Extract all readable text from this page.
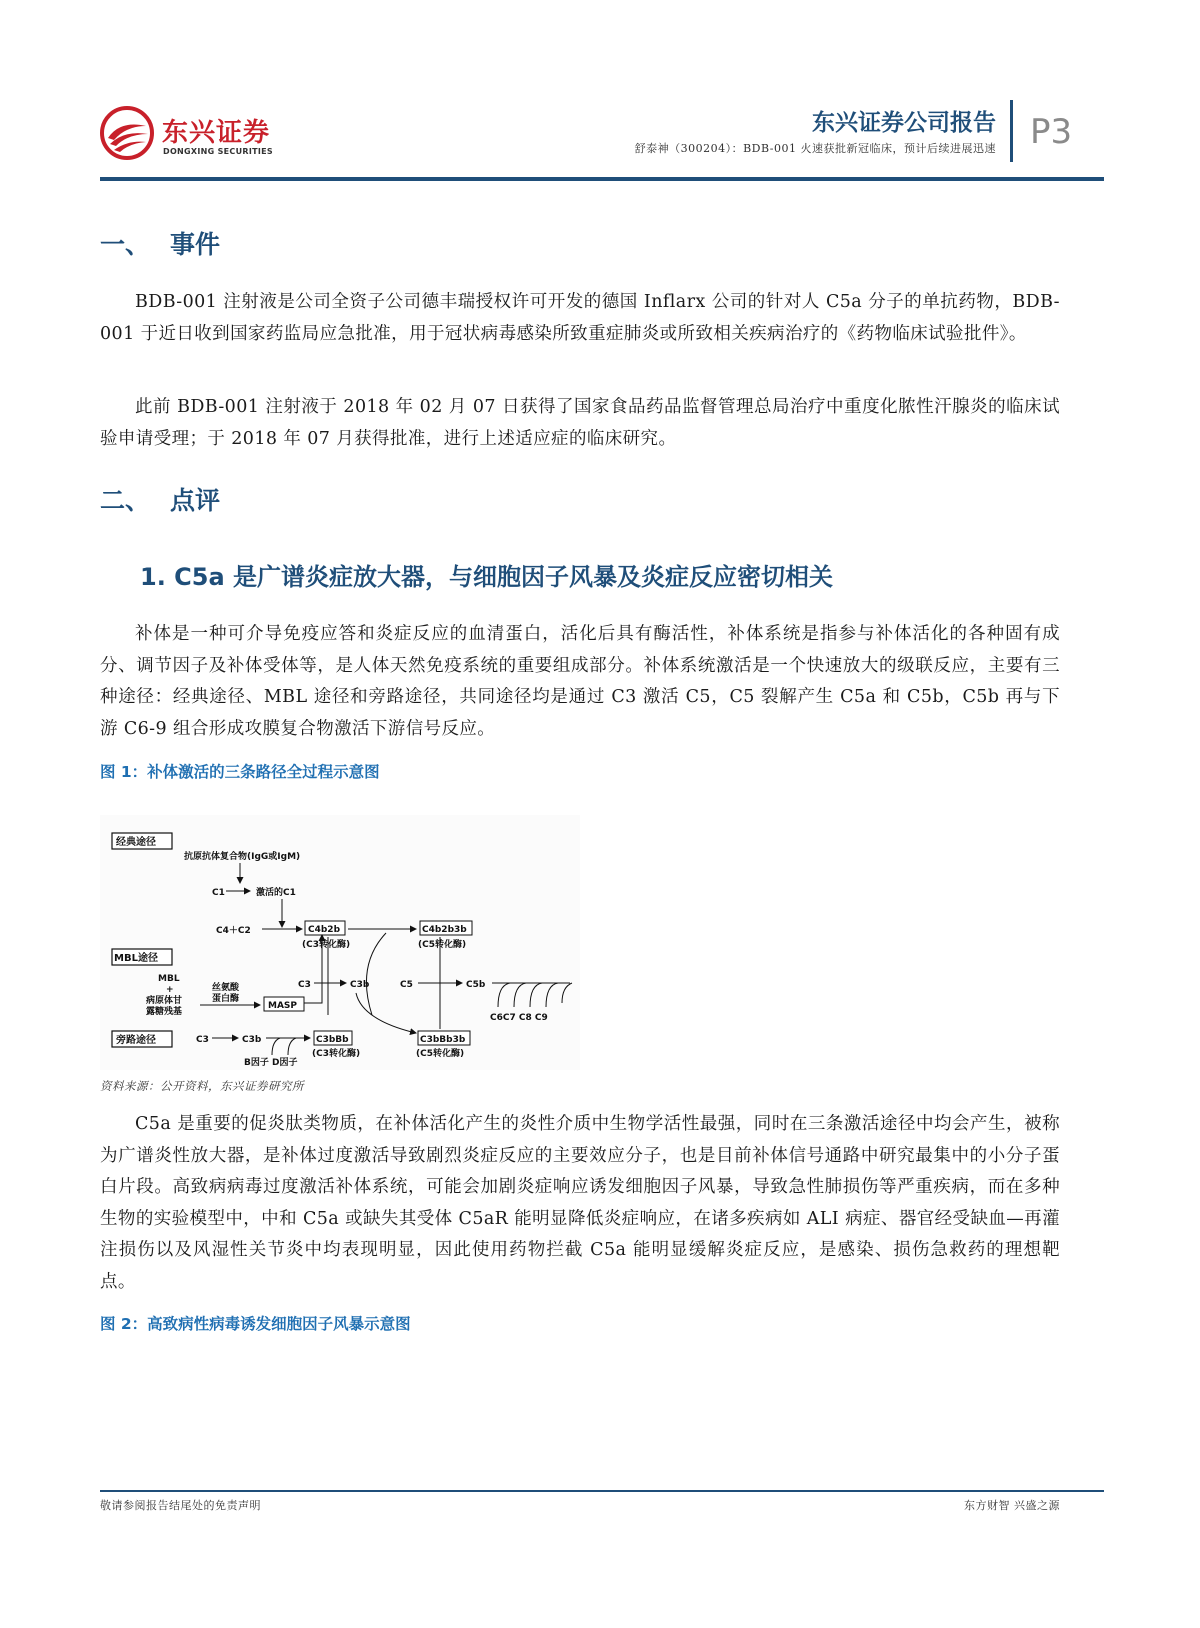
东兴证券
DONGXING SECURITIES
东兴证券公司报告
舒泰神（300204）：BDB-001 火速获批新冠临床，预计后续进展迅速 P3
一、 事件
BDB-001 注射液是公司全资子公司德丰瑞授权许可开发的德国 Inflarx 公司的针对人 C5a 分子的单抗药物，BDB-001 于近日收到国家药监局应急批准，用于冠状病毒感染所致重症肺炎或所致相关疾病治疗的《药物临床试验批件》。
此前 BDB-001 注射液于 2018 年 02 月 07 日获得了国家食品药品监督管理总局治疗中重度化脓性汗腺炎的临床试验申请受理；于 2018 年 07 月获得批准，进行上述适应症的临床研究。
二、 点评
1. C5a 是广谱炎症放大器，与细胞因子风暴及炎症反应密切相关
补体是一种可介导免疫应答和炎症反应的血清蛋白，活化后具有酶活性，补体系统是指参与补体活化的各种固有成分、调节因子及补体受体等，是人体天然免疫系统的重要组成部分。补体系统激活是一个快速放大的级联反应，主要有三种途径：经典途径、MBL 途径和旁路途径，共同途径均是通过 C3 激活 C5，C5 裂解产生 C5a 和 C5b，C5b 再与下游 C6-9 组合形成攻膜复合物激活下游信号反应。
图 1：补体激活的三条路径全过程示意图
经典途径
MBL途径
旁路途径
抗原抗体复合物(IgG或IgM)
C1	激活的C1
C4＋C2	C4b2b
(C3转化酶)
C4b2b3b
(C5转化酶)
MBL
+
病原体甘
露糖残基
丝氨酸
蛋白酶
MASP
C3	C3b	C5	C5b
C6C7 C8 C9
C3	C3b
B因子 D因子
C3bBb
(C3转化酶)
C3bBb3b
(C5转化酶)
资料来源：公开资料，东兴证券研究所
C5a 是重要的促炎肽类物质，在补体活化产生的炎性介质中生物学活性最强，同时在三条激活途径中均会产生，被称为广谱炎性放大器，是补体过度激活导致剧烈炎症反应的主要效应分子，也是目前补体信号通路中研究最集中的小分子蛋白片段。高致病病毒过度激活补体系统，可能会加剧炎症响应诱发细胞因子风暴，导致急性肺损伤等严重疾病，而在多种生物的实验模型中，中和 C5a 或缺失其受体 C5aR 能明显降低炎症响应，在诸多疾病如 ALI 病症、器官经受缺血—再灌注损伤以及风湿性关节炎中均表现明显，因此使用药物拦截 C5a 能明显缓解炎症反应，是感染、损伤急救药的理想靶点。
图 2：高致病性病毒诱发细胞因子风暴示意图
敬请参阅报告结尾处的免责声明	东方财智 兴盛之源
